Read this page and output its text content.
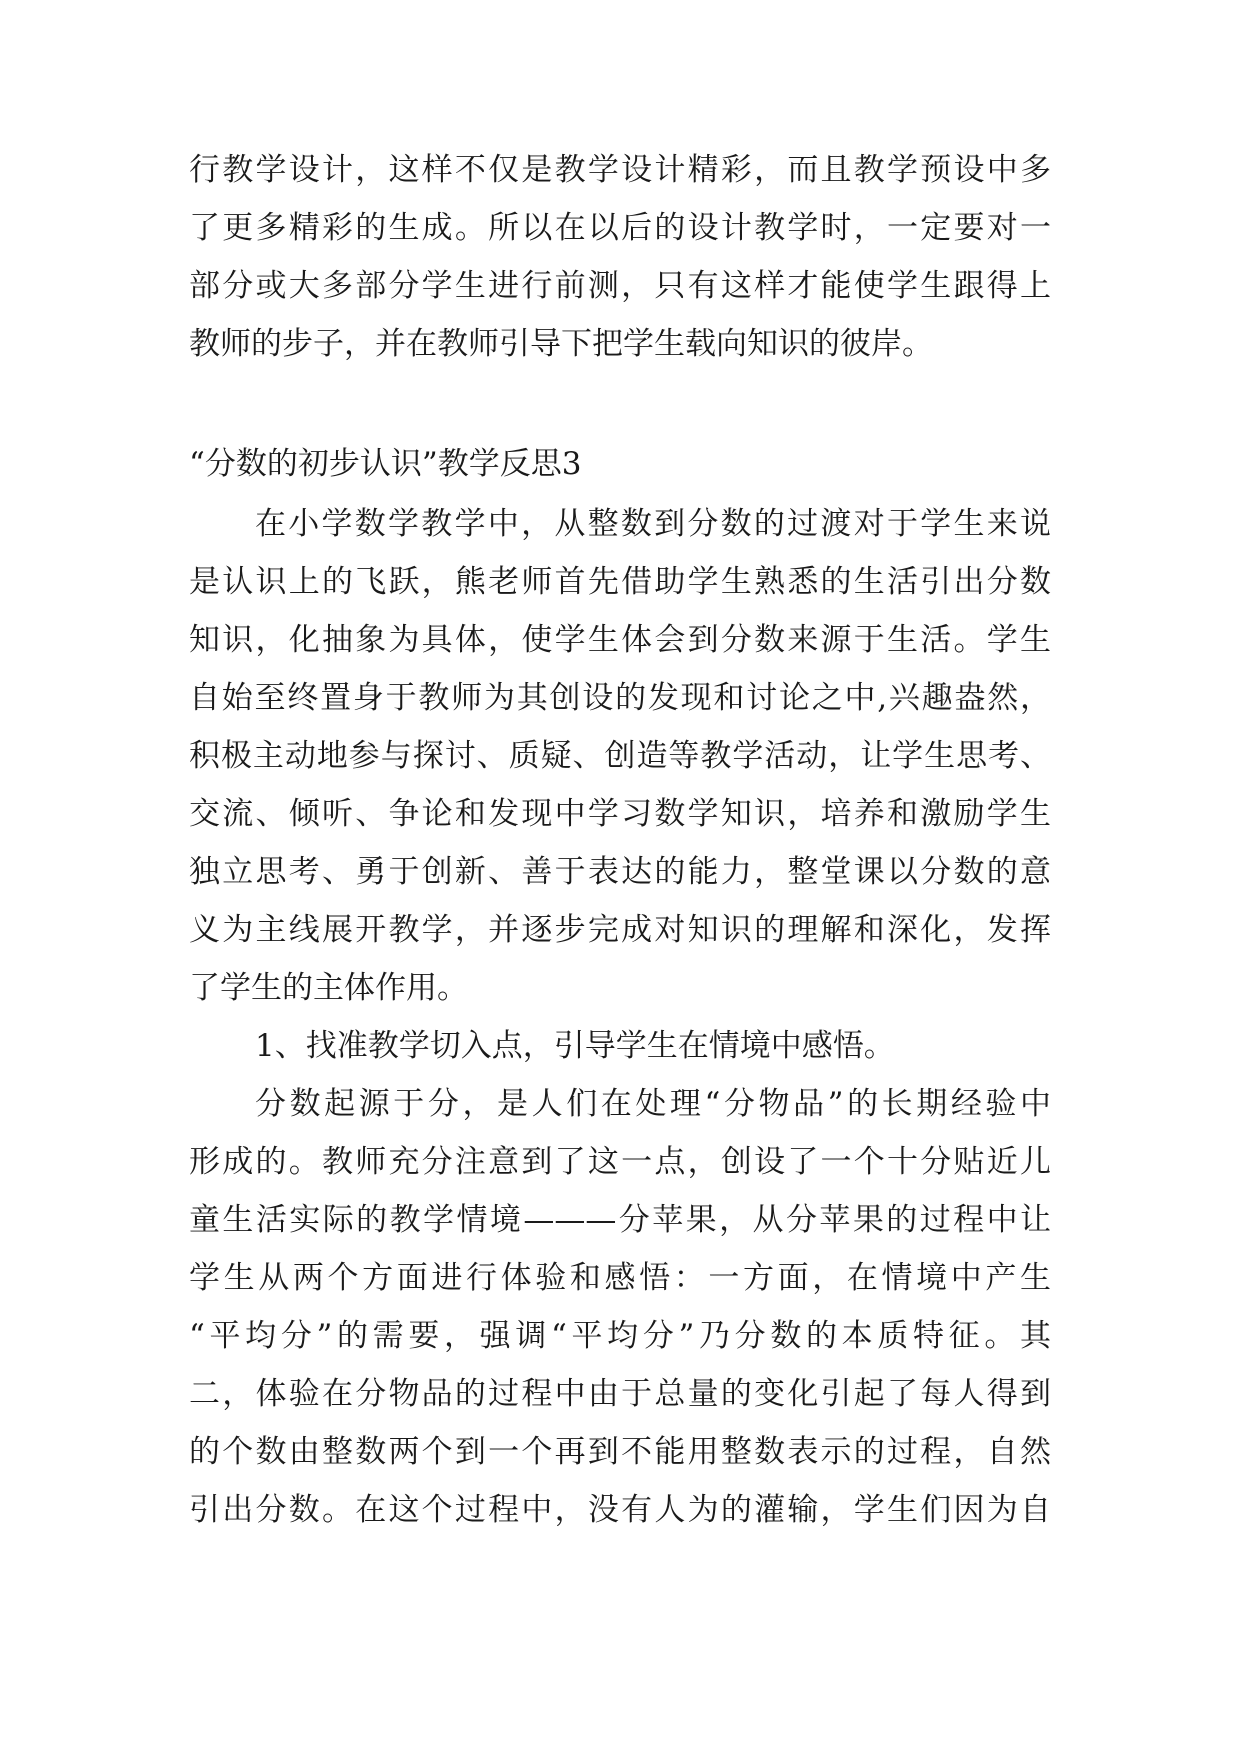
行教学设计，这样不仅是教学设计精彩，而且教学预设中多
了更多精彩的生成。所以在以后的设计教学时，一定要对一
部分或大多部分学生进行前测，只有这样才能使学生跟得上
教师的步子，并在教师引导下把学生载向知识的彼岸。
“分数的初步认识”教学反思3
在小学数学教学中，从整数到分数的过渡对于学生来说
是认识上的飞跃，熊老师首先借助学生熟悉的生活引出分数
知识，化抽象为具体，使学生体会到分数来源于生活。学生
自始至终置身于教师为其创设的发现和讨论之中,兴趣盎然，
积极主动地参与探讨、质疑、创造等教学活动，让学生思考、
交流、倾听、争论和发现中学习数学知识，培养和激励学生
独立思考、勇于创新、善于表达的能力，整堂课以分数的意
义为主线展开教学，并逐步完成对知识的理解和深化，发挥
了学生的主体作用。
1、找准教学切入点，引导学生在情境中感悟。
分数起源于分，是人们在处理“分物品”的长期经验中
形成的。教师充分注意到了这一点，创设了一个十分贴近儿
童生活实际的教学情境———分苹果，从分苹果的过程中让
学生从两个方面进行体验和感悟：一方面，在情境中产生
“平均分”的需要，强调“平均分”乃分数的本质特征。其
二，体验在分物品的过程中由于总量的变化引起了每人得到
的个数由整数两个到一个再到不能用整数表示的过程，自然
引出分数。在这个过程中，没有人为的灌输，学生们因为自
